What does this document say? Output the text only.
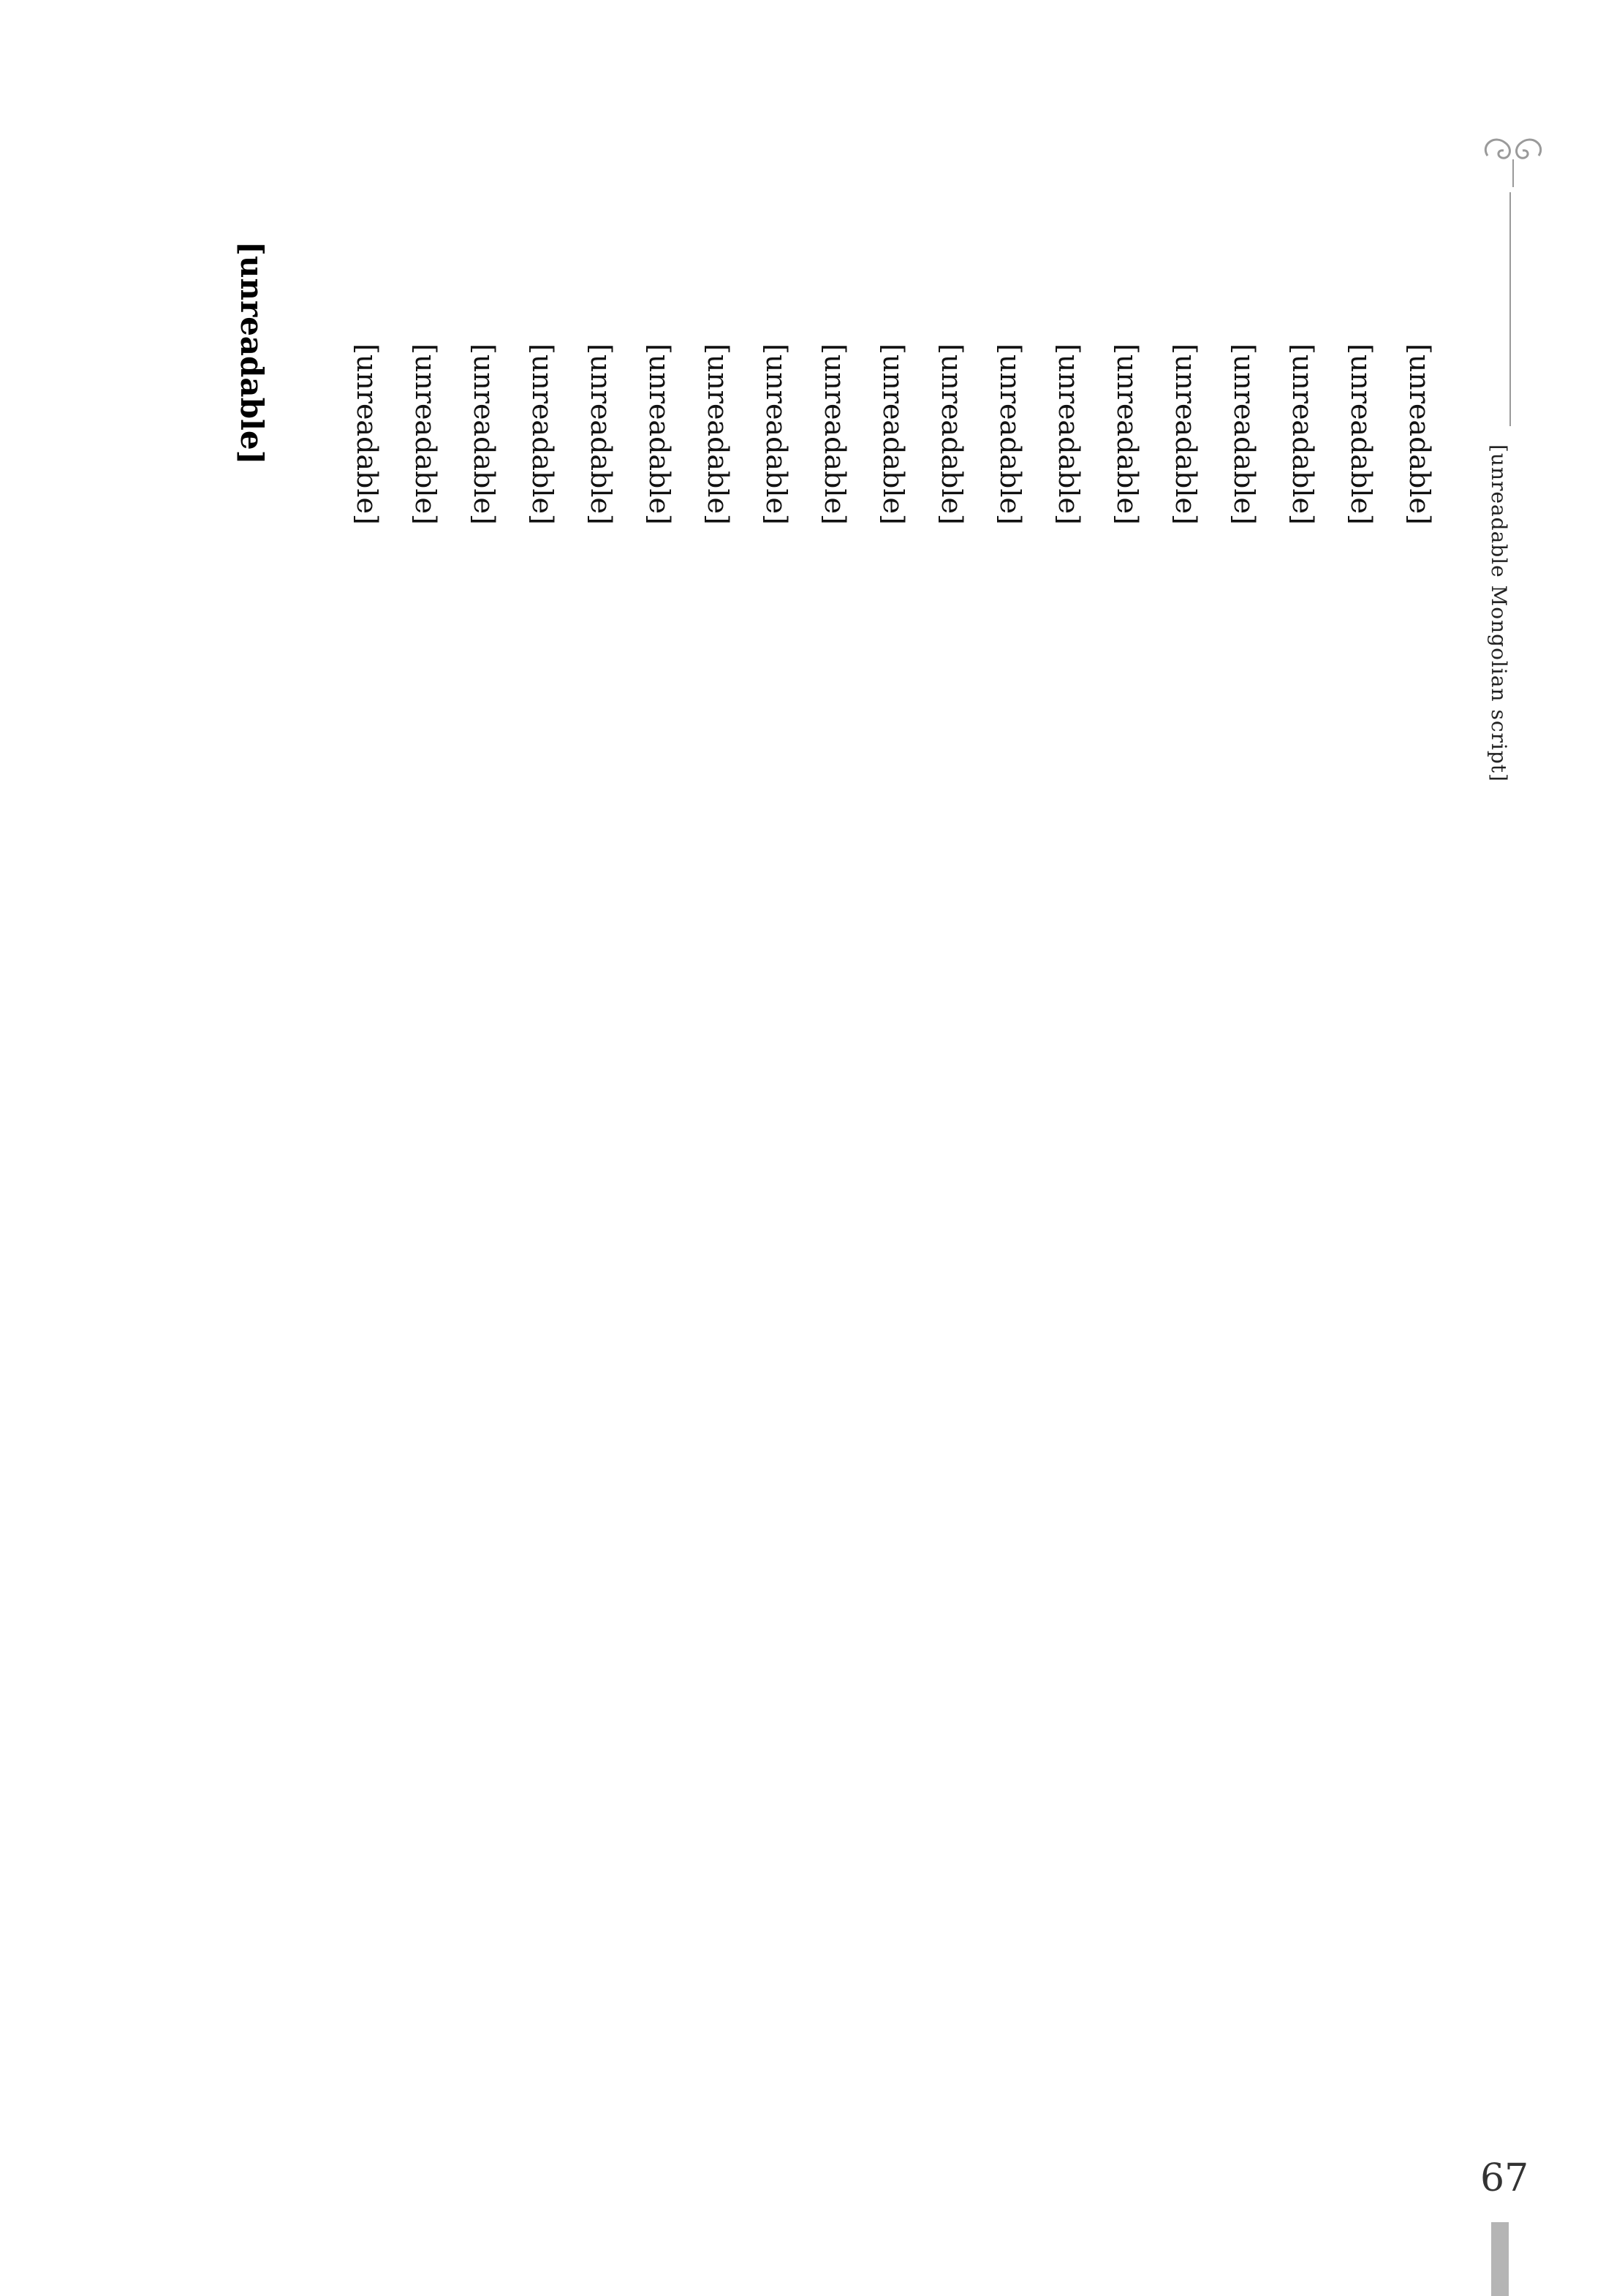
[unreadable Mongolian script]
[unreadable]	[unreadable]
[unreadable]
[unreadable]
[unreadable]
[unreadable]
[unreadable]
[unreadable]
[unreadable]
[unreadable]
[unreadable]
[unreadable]
[unreadable]
[unreadable]
[unreadable]
[unreadable]
[unreadable]
[unreadable]
[unreadable]
[unreadable]
67
